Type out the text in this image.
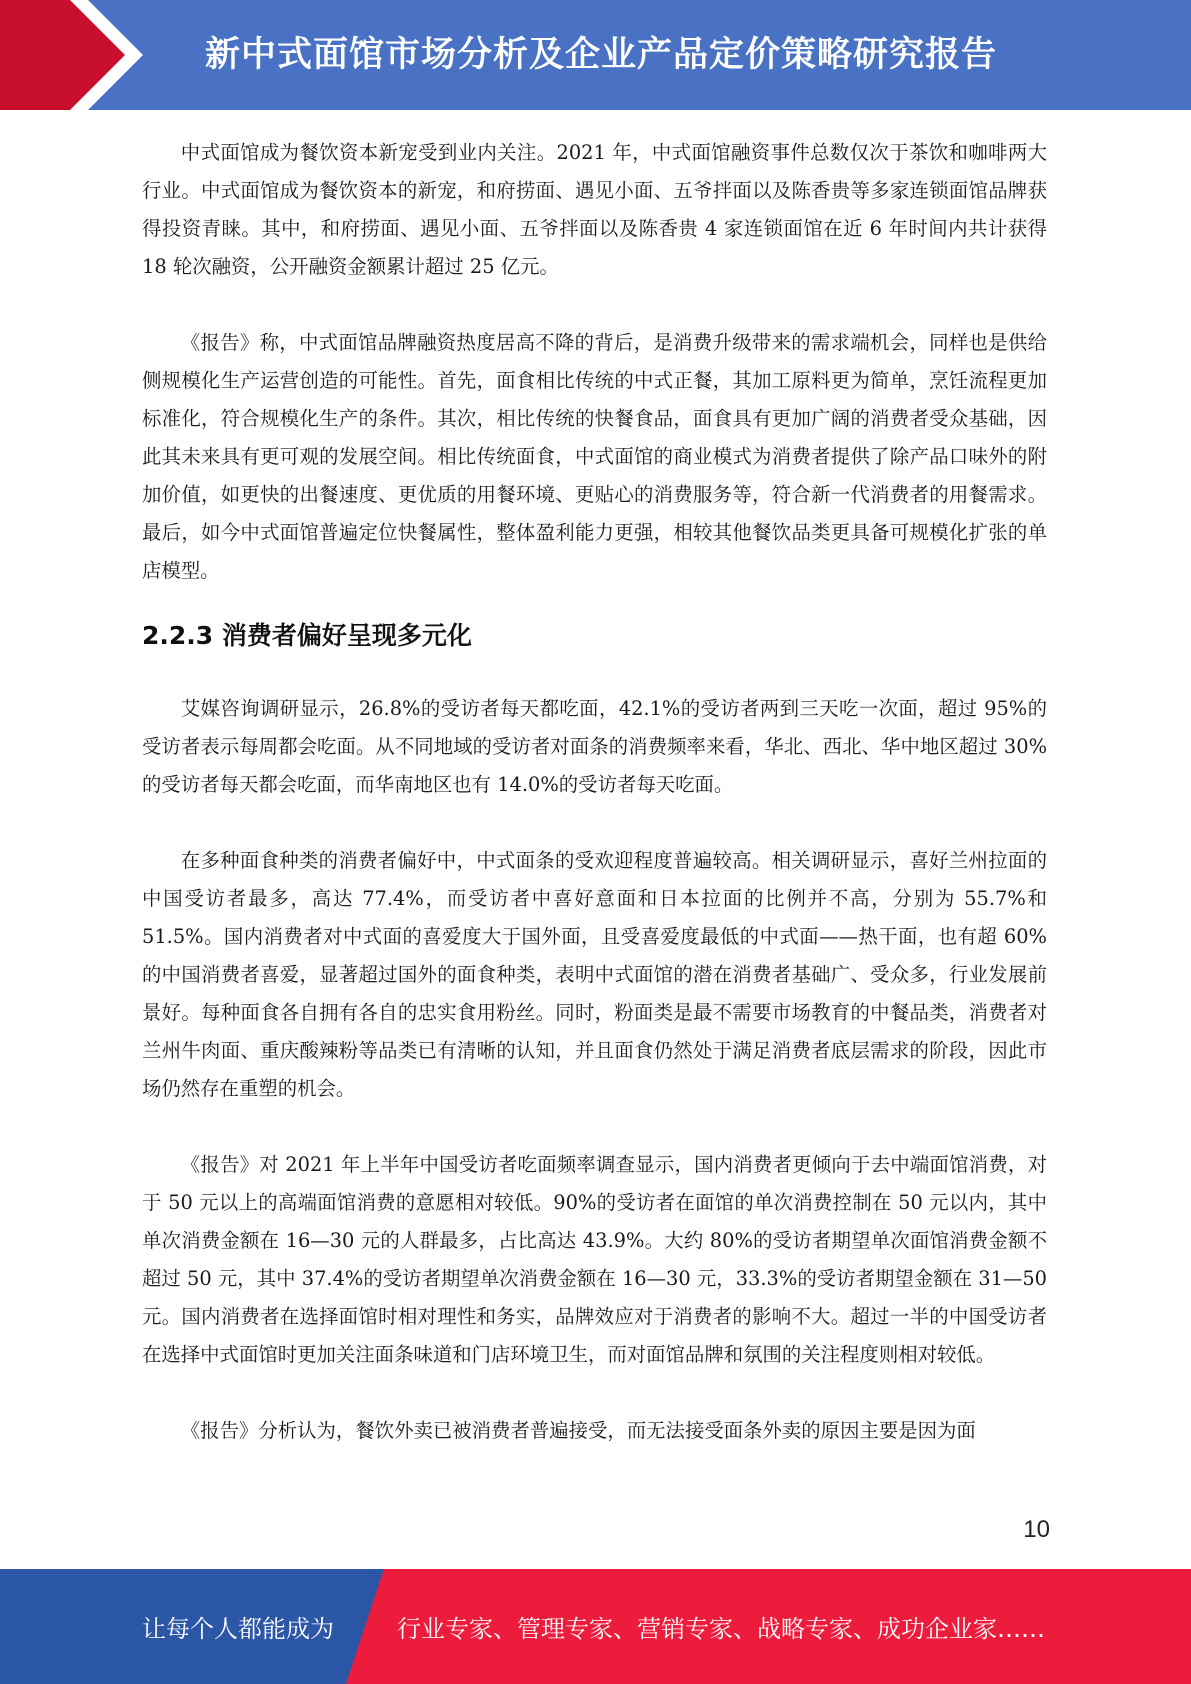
新中式面馆市场分析及企业产品定价策略研究报告

中式面馆成为餐饮资本新宠受到业内关注。2021 年，中式面馆融资事件总数仅次于茶饮和咖啡两大行业。中式面馆成为餐饮资本的新宠，和府捞面、遇见小面、五爷拌面以及陈香贵等多家连锁面馆品牌获得投资青睐。其中，和府捞面、遇见小面、五爷拌面以及陈香贵 4 家连锁面馆在近 6 年时间内共计获得 18 轮次融资，公开融资金额累计超过 25 亿元。

《报告》称，中式面馆品牌融资热度居高不降的背后，是消费升级带来的需求端机会，同样也是供给侧规模化生产运营创造的可能性。首先，面食相比传统的中式正餐，其加工原料更为简单，烹饪流程更加标准化，符合规模化生产的条件。其次，相比传统的快餐食品，面食具有更加广阔的消费者受众基础，因此其未来具有更可观的发展空间。相比传统面食，中式面馆的商业模式为消费者提供了除产品口味外的附加价值，如更快的出餐速度、更优质的用餐环境、更贴心的消费服务等，符合新一代消费者的用餐需求。最后，如今中式面馆普遍定位快餐属性，整体盈利能力更强，相较其他餐饮品类更具备可规模化扩张的单店模型。

2.2.3 消费者偏好呈现多元化

艾媒咨询调研显示，26.8%的受访者每天都吃面，42.1%的受访者两到三天吃一次面，超过 95%的受访者表示每周都会吃面。从不同地域的受访者对面条的消费频率来看，华北、西北、华中地区超过 30%的受访者每天都会吃面，而华南地区也有 14.0%的受访者每天吃面。

在多种面食种类的消费者偏好中，中式面条的受欢迎程度普遍较高。相关调研显示，喜好兰州拉面的中国受访者最多，高达 77.4%，而受访者中喜好意面和日本拉面的比例并不高，分别为 55.7%和 51.5%。国内消费者对中式面的喜爱度大于国外面，且受喜爱度最低的中式面——热干面，也有超 60%的中国消费者喜爱，显著超过国外的面食种类，表明中式面馆的潜在消费者基础广、受众多，行业发展前景好。每种面食各自拥有各自的忠实食用粉丝。同时，粉面类是最不需要市场教育的中餐品类，消费者对兰州牛肉面、重庆酸辣粉等品类已有清晰的认知，并且面食仍然处于满足消费者底层需求的阶段，因此市场仍然存在重塑的机会。

《报告》对 2021 年上半年中国受访者吃面频率调查显示，国内消费者更倾向于去中端面馆消费，对于 50 元以上的高端面馆消费的意愿相对较低。90%的受访者在面馆的单次消费控制在 50 元以内，其中单次消费金额在 16—30 元的人群最多，占比高达 43.9%。大约 80%的受访者期望单次面馆消费金额不超过 50 元，其中 37.4%的受访者期望单次消费金额在 16—30 元，33.3%的受访者期望金额在 31—50 元。国内消费者在选择面馆时相对理性和务实，品牌效应对于消费者的影响不大。超过一半的中国受访者在选择中式面馆时更加关注面条味道和门店环境卫生，而对面馆品牌和氛围的关注程度则相对较低。

《报告》分析认为，餐饮外卖已被消费者普遍接受，而无法接受面条外卖的原因主要是因为面

10
让每个人都能成为	行业专家、管理专家、营销专家、战略专家、成功企业家……
